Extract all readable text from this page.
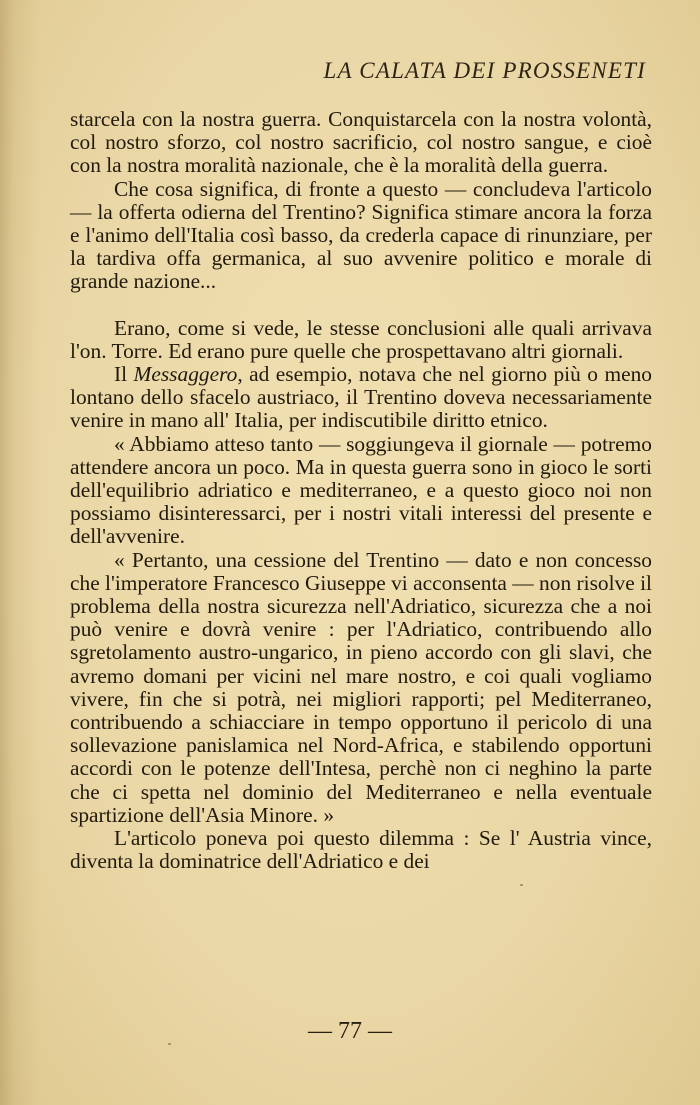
LA CALATA DEI PROSSENETI

starcela con la nostra guerra. Conquistarcela con la nostra volontà, col nostro sforzo, col nostro sacrificio, col nostro sangue, e cioè con la nostra moralità nazionale, che è la moralità della guerra.

Che cosa significa, di fronte a questo — concludeva l'articolo — la offerta odierna del Trentino? Significa stimare ancora la forza e l'animo dell'Italia così basso, da crederla capace di rinunziare, per la tardiva offa germanica, al suo avvenire politico e morale di grande nazione...

Erano, come si vede, le stesse conclusioni alle quali arrivava l'on. Torre. Ed erano pure quelle che prospettavano altri giornali.

Il Messaggero, ad esempio, notava che nel giorno più o meno lontano dello sfacelo austriaco, il Trentino doveva necessariamente venire in mano all' Italia, per indiscutibile diritto etnico.

« Abbiamo atteso tanto — soggiungeva il giornale — potremo attendere ancora un poco. Ma in questa guerra sono in gioco le sorti dell'equilibrio adriatico e mediterraneo, e a questo gioco noi non possiamo disinteressarci, per i nostri vitali interessi del presente e dell'avvenire.

« Pertanto, una cessione del Trentino — dato e non concesso che l'imperatore Francesco Giuseppe vi acconsenta — non risolve il problema della nostra sicurezza nell'Adriatico, sicurezza che a noi può venire e dovrà venire : per l'Adriatico, contribuendo allo sgretolamento austro-ungarico, in pieno accordo con gli slavi, che avremo domani per vicini nel mare nostro, e coi quali vogliamo vivere, fin che si potrà, nei migliori rapporti; pel Mediterraneo, contribuendo a schiacciare in tempo opportuno il pericolo di una sollevazione panislamica nel Nord-Africa, e stabilendo opportuni accordi con le potenze dell'Intesa, perchè non ci neghino la parte che ci spetta nel dominio del Mediterraneo e nella eventuale spartizione dell'Asia Minore. »

L'articolo poneva poi questo dilemma : Se l' Austria vince, diventa la dominatrice dell'Adriatico e dei

— 77 —
